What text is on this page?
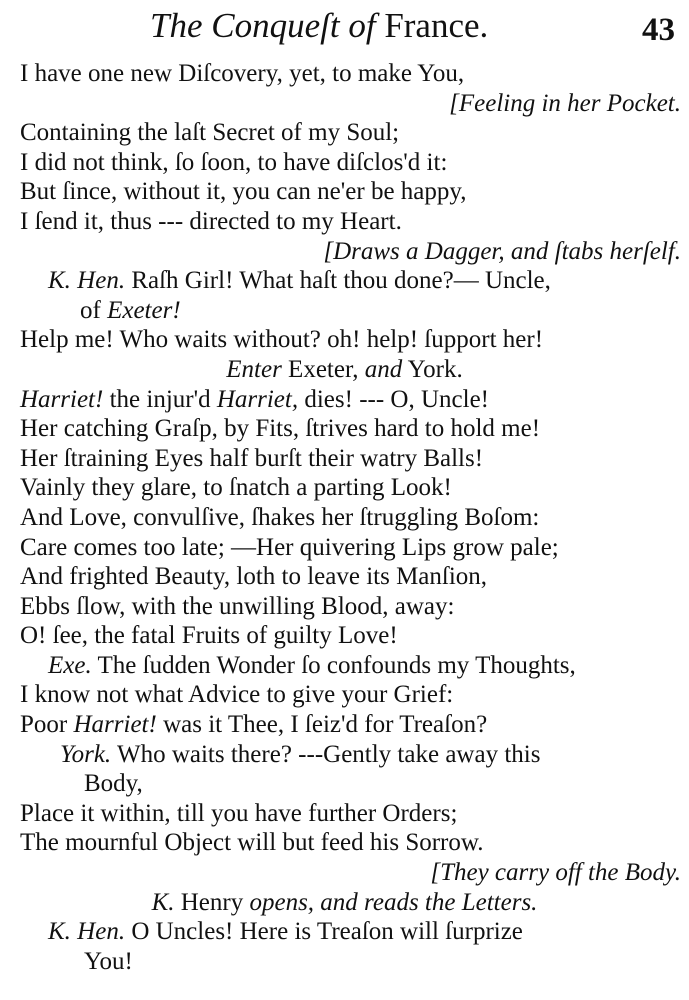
The Conqueſt of France.	43
I have one new Diſcovery, yet, to make You,
[Feeling in her Pocket.
Containing the laſt Secret of my Soul;
I did not think, ſo ſoon, to have diſclos'd it:
But ſince, without it, you can ne'er be happy,
I ſend it, thus --- directed to my Heart.
[Draws a Dagger, and ſtabs herſelf.
K. Hen. Raſh Girl! What haſt thou done?— Uncle,
of Exeter!
Help me! Who waits without? oh! help! ſupport her!
Enter Exeter, and York.
Harriet! the injur'd Harriet, dies! --- O, Uncle!
Her catching Graſp, by Fits, ſtrives hard to hold me!
Her ſtraining Eyes half burſt their watry Balls!
Vainly they glare, to ſnatch a parting Look!
And Love, convulſive, ſhakes her ſtruggling Boſom:
Care comes too late; —Her quivering Lips grow pale;
And frighted Beauty, loth to leave its Manſion,
Ebbs ſlow, with the unwilling Blood, away:
O! ſee, the fatal Fruits of guilty Love!
Exe. The ſudden Wonder ſo confounds my Thoughts,
I know not what Advice to give your Grief:
Poor Harriet! was it Thee, I ſeiz'd for Treaſon?
York. Who waits there? ---Gently take away this
Body,
Place it within, till you have further Orders;
The mournful Object will but feed his Sorrow.
[They carry off the Body.
K. Henry opens, and reads the Letters.
K. Hen. O Uncles! Here is Treaſon will ſurprize
You!
